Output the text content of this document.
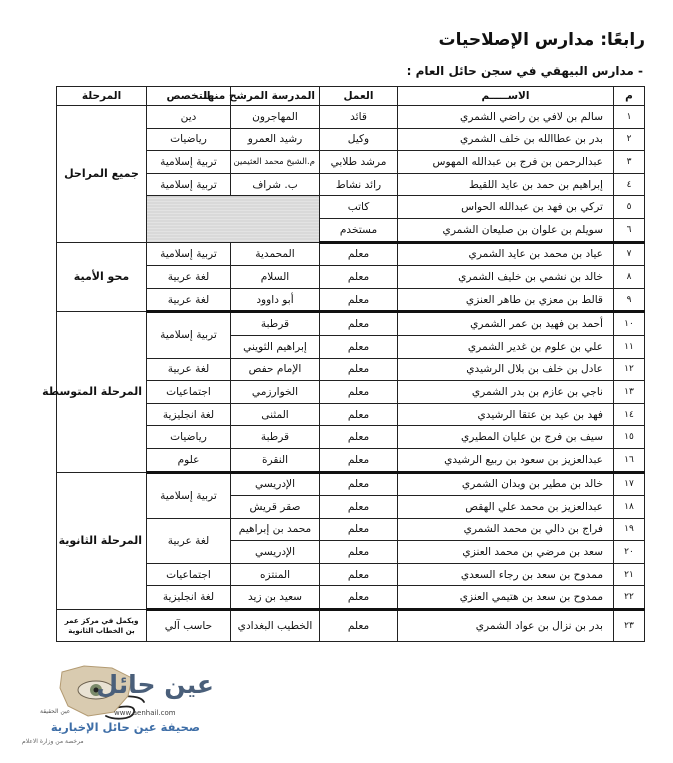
رابعًا: مدارس الإصلاحيات
- مدارس البيهقي في سجن حائل العام :
م	الاســـــم	العمل	المدرسة المرشح منها	التخصص	المرحلة
١	سالم بن لافي بن راضي الشمري	قائد	المهاجرون	دين	جميع المراحل
٢	بدر بن عطاالله بن خلف الشمري	وكيل	رشيد العمرو	رياضيات	
٣	عبدالرحمن بن فرج بن عبدالله المهوس	مرشد طلابي	م.الشيخ محمد العثيمين	تربية إسلامية	
٤	إبراهيم بن حمد بن عايد اللقيط	رائد نشاط	ب. شراف	تربية إسلامية	
٥	تركي بن فهد بن عبدالله الحواس	كاتب			
٦	سويلم بن علوان بن صليعان الشمري	مستخدم			
٧	عياد بن محمد بن عايد الشمري	معلم	المحمدية	تربية إسلامية	محو الأمية
٨	خالد بن نشمي بن خليف الشمري	معلم	السلام	لغة عربية	
٩	قالط بن معزي بن طاهر العنزي	معلم	أبو داوود	لغة عربية	
١٠	أحمد بن فهيد بن عمر الشمري	معلم	قرطبة	تربية إسلامية	المرحلة المتوسطة
١١	علي بن علوم بن غدير الشمري	معلم	إبراهيم الثويني		
١٢	عادل بن خلف بن بلال الرشيدي	معلم	الإمام حفص	لغة عربية	
١٣	ناجي بن عازم بن بدر الشمري	معلم	الخوارزمي	اجتماعيات	
١٤	فهد بن عيد بن عتقا الرشيدي	معلم	المثنى	لغة انجليزية	
١٥	سيف بن فرج بن عليان المطيري	معلم	قرطبة	رياضيات	
١٦	عبدالعزيز بن سعود بن ربيع الرشيدي	معلم	النقرة	علوم	
١٧	خالد بن مطير بن وبدان الشمري	معلم	الإدريسي	تربية إسلامية	المرحلة الثانوية
١٨	عبدالعزيز بن محمد علي الهقص	معلم	صقر قريش		
١٩	فراج بن دالي بن محمد الشمري	معلم	محمد بن إبراهيم	لغة عربية	
٢٠	سعد بن مرضي بن محمد العنزي	معلم	الإدريسي		
٢١	ممدوح بن سعد بن رجاء السعدي	معلم	المنتزه	اجتماعيات	
٢٢	ممدوح بن سعد بن هتيمي العنزي	معلم	سعيد بن زيد	لغة انجليزية	
٢٣	بدر بن نزال بن عواد الشمري	معلم	الخطيب البغدادي	حاسب آلي	ويكمل في مركز عمر بن الخطاب الثانوية
عين حائل
عين الحقيقة	www.aenhail.com
صحيفة عين حائل الإخبارية
مرخصة من وزارة الاعلام
